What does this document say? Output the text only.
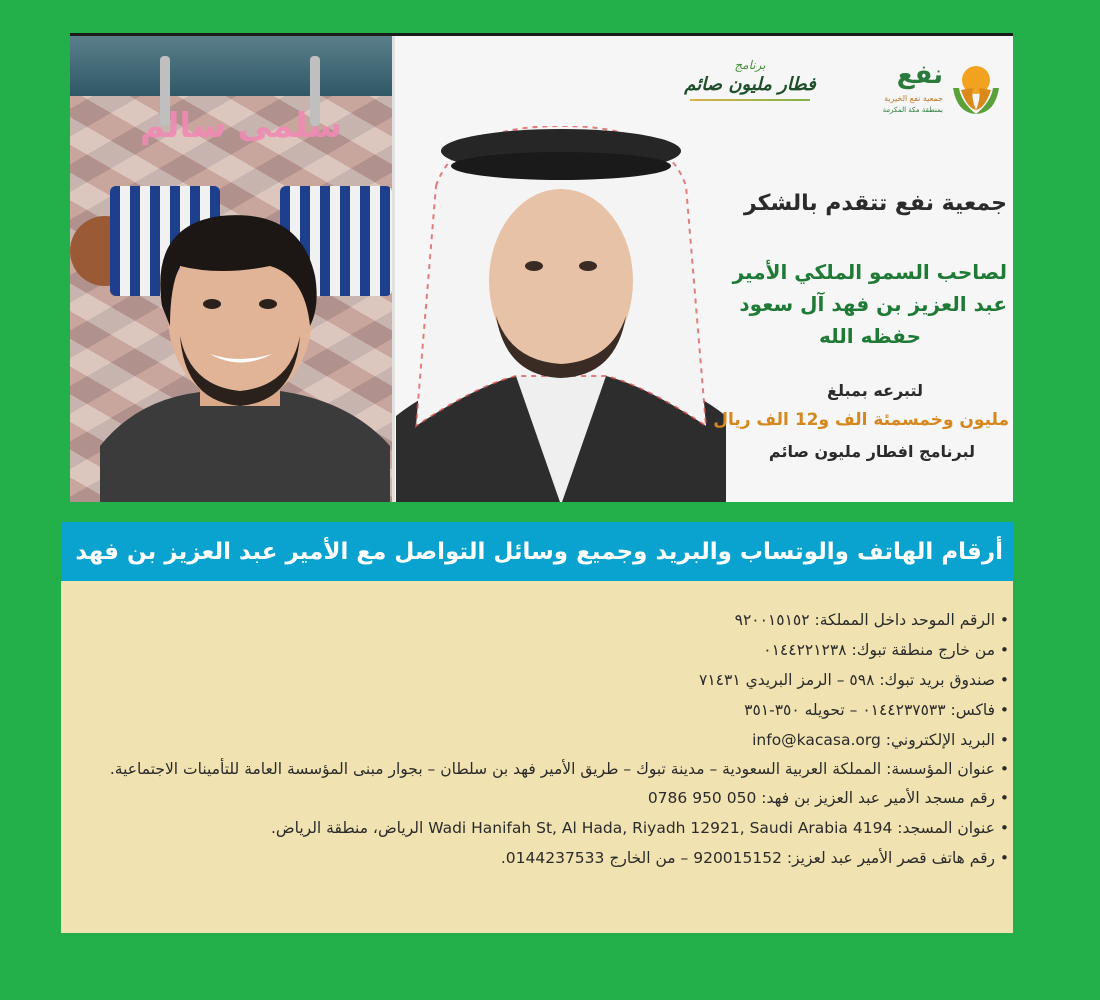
سلمى سالم
برنامج
فطار مليون صائم	نفع
جمعية نفع الخيرية
بمنطقة مكة المكرمة
جمعية نفع تتقدم بالشكر
لصاحب السمو الملكي الأمير
عبد العزيز بن فهد آل سعود
حفظه الله
لتبرعه بمبلغ
مليون وخمسمئة الف و12 الف ريال
لبرنامج افطار مليون صائم
أرقام الهاتف والوتساب والبريد وجميع وسائل التواصل مع الأمير عبد العزيز بن فهد
• الرقم الموحد داخل المملكة: ٩٢٠٠١٥١٥٢
• من خارج منطقة تبوك: ٠١٤٤٢٢١٢٣٨
• صندوق بريد تبوك: ٥٩٨ – الرمز البريدي ٧١٤٣١
• فاكس: ٠١٤٤٢٣٧٥٣٣ – تحويله ٣٥٠-٣٥١
• البريد الإلكتروني: info@kacasa.org
• عنوان المؤسسة: المملكة العربية السعودية – مدينة تبوك – طريق الأمير فهد بن سلطان – بجوار مبنى المؤسسة العامة للتأمينات الاجتماعية.
• رقم مسجد الأمير عبد العزيز بن فهد: 050 950 0786
• عنوان المسجد: 4194 Wadi Hanifah St, Al Hada, Riyadh 12921, Saudi Arabia الرياض، منطقة الرياض.
• رقم هاتف قصر الأمير عبد لعزيز: 920015152 – من الخارج 0144237533.
